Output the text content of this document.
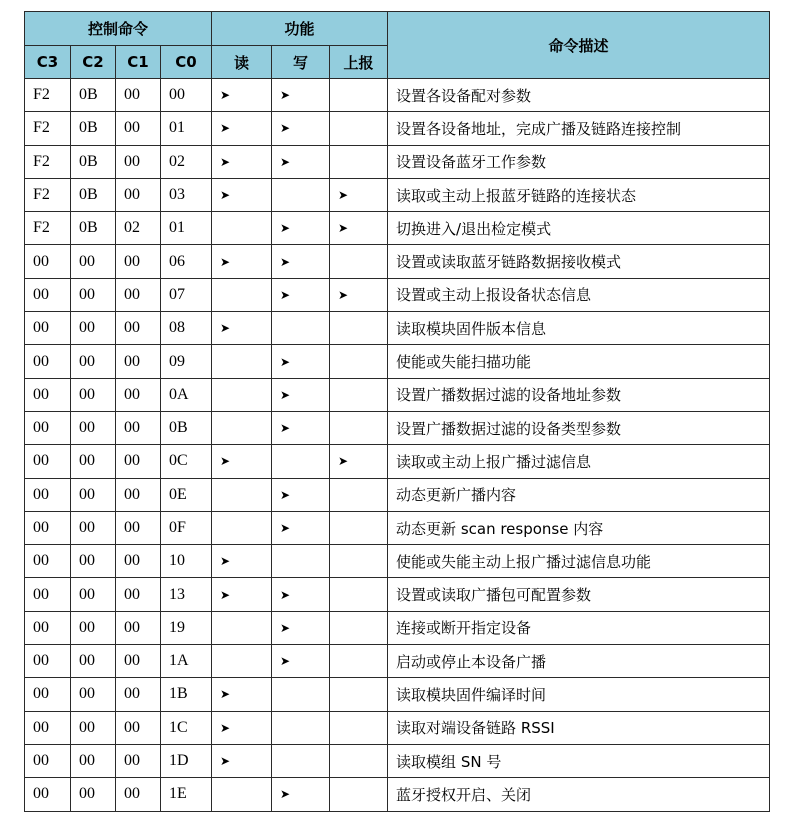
控制命令				功能			命令描述
C3	C2	C1	C0	读	写	上报	
F2	0B	00	00	➤	➤		设置各设备配对参数
F2	0B	00	01	➤	➤		设置各设备地址，完成广播及链路连接控制
F2	0B	00	02	➤	➤		设置设备蓝牙工作参数
F2	0B	00	03	➤		➤	读取或主动上报蓝牙链路的连接状态
F2	0B	02	01		➤	➤	切换进入/退出检定模式
00	00	00	06	➤	➤		设置或读取蓝牙链路数据接收模式
00	00	00	07		➤	➤	设置或主动上报设备状态信息
00	00	00	08	➤			读取模块固件版本信息
00	00	00	09		➤		使能或失能扫描功能
00	00	00	0A		➤		设置广播数据过滤的设备地址参数
00	00	00	0B		➤		设置广播数据过滤的设备类型参数
00	00	00	0C	➤		➤	读取或主动上报广播过滤信息
00	00	00	0E		➤		动态更新广播内容
00	00	00	0F		➤		动态更新 scan response 内容
00	00	00	10	➤			使能或失能主动上报广播过滤信息功能
00	00	00	13	➤	➤		设置或读取广播包可配置参数
00	00	00	19		➤		连接或断开指定设备
00	00	00	1A		➤		启动或停止本设备广播
00	00	00	1B	➤			读取模块固件编译时间
00	00	00	1C	➤			读取对端设备链路 RSSI
00	00	00	1D	➤			读取模组 SN 号
00	00	00	1E		➤		蓝牙授权开启、关闭
